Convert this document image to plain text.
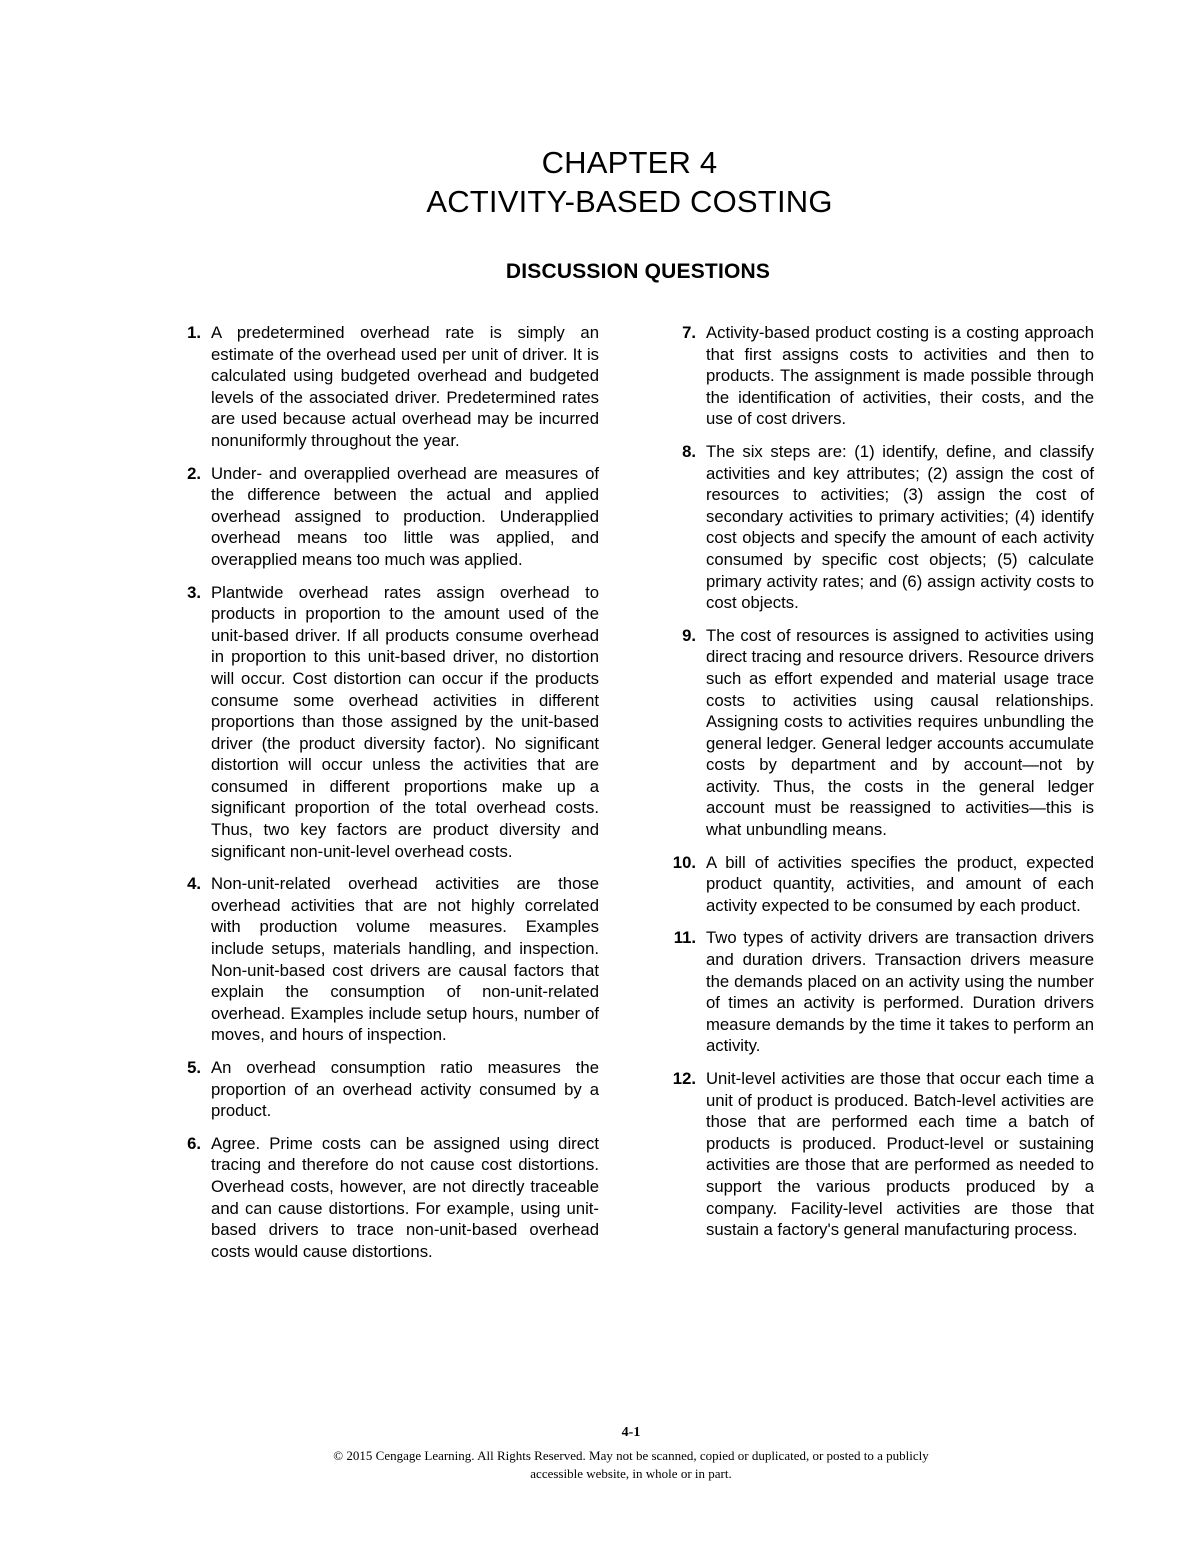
CHAPTER 4
ACTIVITY-BASED COSTING
DISCUSSION QUESTIONS
1. A predetermined overhead rate is simply an estimate of the overhead used per unit of driver. It is calculated using budgeted overhead and budgeted levels of the associated driver. Predetermined rates are used because actual overhead may be incurred nonuniformly throughout the year.
2. Under- and overapplied overhead are measures of the difference between the actual and applied overhead assigned to production. Underapplied overhead means too little was applied, and overapplied means too much was applied.
3. Plantwide overhead rates assign overhead to products in proportion to the amount used of the unit-based driver. If all products consume overhead in proportion to this unit-based driver, no distortion will occur. Cost distortion can occur if the products consume some overhead activities in different proportions than those assigned by the unit-based driver (the product diversity factor). No significant distortion will occur unless the activities that are consumed in different proportions make up a significant proportion of the total overhead costs. Thus, two key factors are product diversity and significant non-unit-level overhead costs.
4. Non-unit-related overhead activities are those overhead activities that are not highly correlated with production volume measures. Examples include setups, materials handling, and inspection. Non-unit-based cost drivers are causal factors that explain the consumption of non-unit-related overhead. Examples include setup hours, number of moves, and hours of inspection.
5. An overhead consumption ratio measures the proportion of an overhead activity consumed by a product.
6. Agree. Prime costs can be assigned using direct tracing and therefore do not cause cost distortions. Overhead costs, however, are not directly traceable and can cause distortions. For example, using unit-based drivers to trace non-unit-based overhead costs would cause distortions.
7. Activity-based product costing is a costing approach that first assigns costs to activities and then to products. The assignment is made possible through the identification of activities, their costs, and the use of cost drivers.
8. The six steps are: (1) identify, define, and classify activities and key attributes; (2) assign the cost of resources to activities; (3) assign the cost of secondary activities to primary activities; (4) identify cost objects and specify the amount of each activity consumed by specific cost objects; (5) calculate primary activity rates; and (6) assign activity costs to cost objects.
9. The cost of resources is assigned to activities using direct tracing and resource drivers. Resource drivers such as effort expended and material usage trace costs to activities using causal relationships. Assigning costs to activities requires unbundling the general ledger. General ledger accounts accumulate costs by department and by account—not by activity. Thus, the costs in the general ledger account must be reassigned to activities—this is what unbundling means.
10. A bill of activities specifies the product, expected product quantity, activities, and amount of each activity expected to be consumed by each product.
11. Two types of activity drivers are transaction drivers and duration drivers. Transaction drivers measure the demands placed on an activity using the number of times an activity is performed. Duration drivers measure demands by the time it takes to perform an activity.
12. Unit-level activities are those that occur each time a unit of product is produced. Batch-level activities are those that are performed each time a batch of products is produced. Product-level or sustaining activities are those that are performed as needed to support the various products produced by a company. Facility-level activities are those that sustain a factory's general manufacturing process.
4-1
© 2015 Cengage Learning. All Rights Reserved. May not be scanned, copied or duplicated, or posted to a publicly
accessible website, in whole or in part.
